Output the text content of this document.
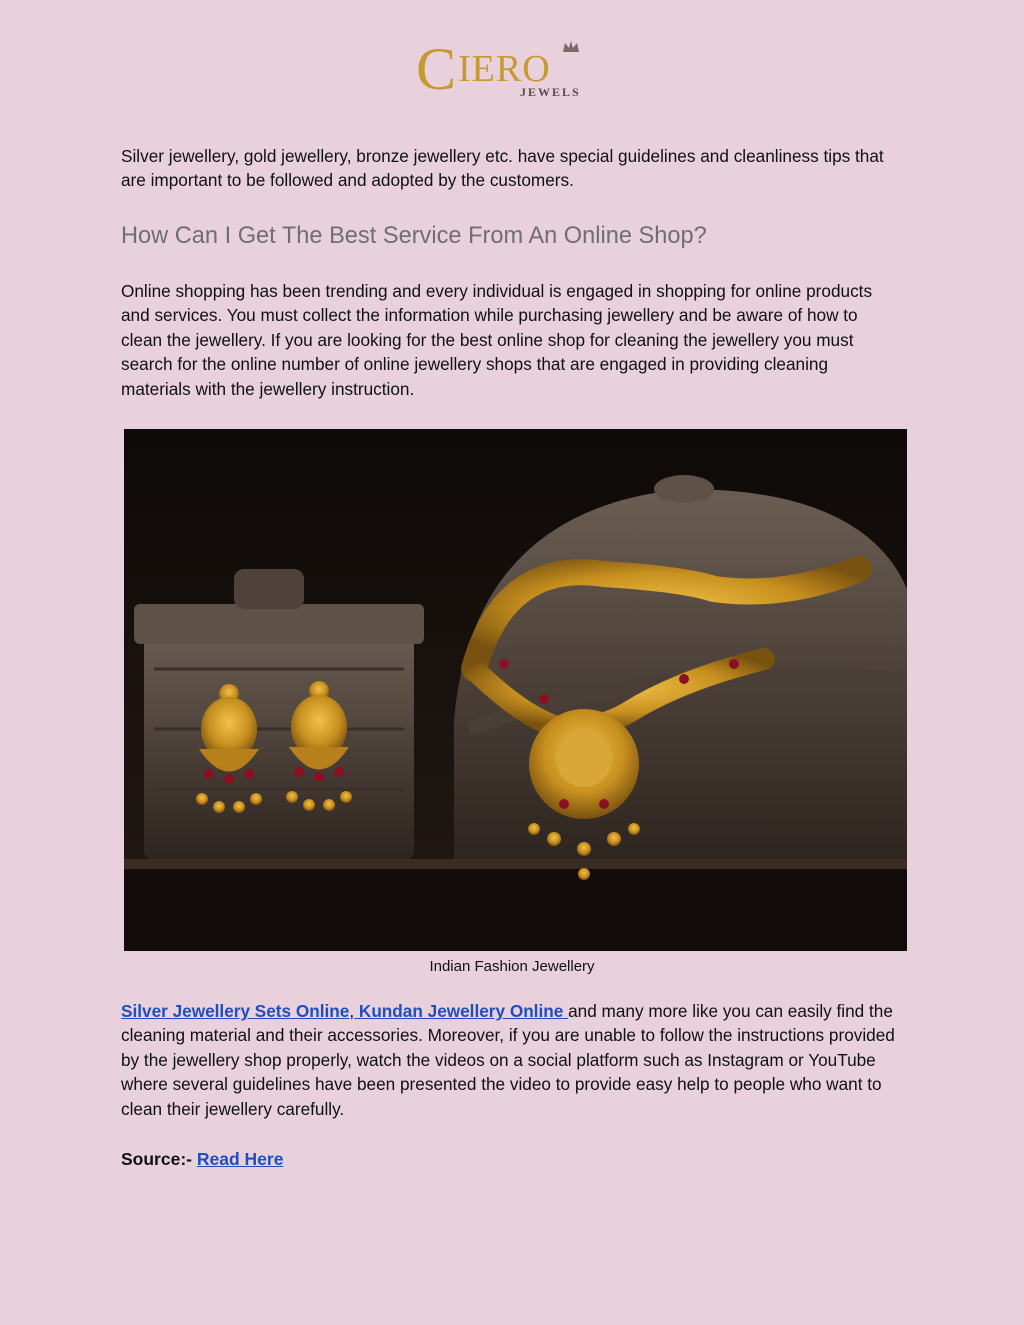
C IERO
JEWELS

Silver jewellery, gold jewellery, bronze jewellery etc. have special guidelines and cleanliness tips that are important to be followed and adopted by the customers.

How Can I Get The Best Service From An Online Shop?

Online shopping has been trending and every individual is engaged in shopping for online products and services. You must collect the information while purchasing jewellery and be aware of how to clean the jewellery. If you are looking for the best online shop for cleaning the jewellery you must search for the online number of online jewellery shops that are engaged in providing cleaning materials with the jewellery instruction.

Indian Fashion Jewellery

Silver Jewellery Sets Online, Kundan Jewellery Online and many more like you can easily find the cleaning material and their accessories. Moreover, if you are unable to follow the instructions provided by the jewellery shop properly, watch the videos on a social platform such as Instagram or YouTube where several guidelines have been presented the video to provide easy help to people who want to clean their jewellery carefully.

Source:- Read Here
